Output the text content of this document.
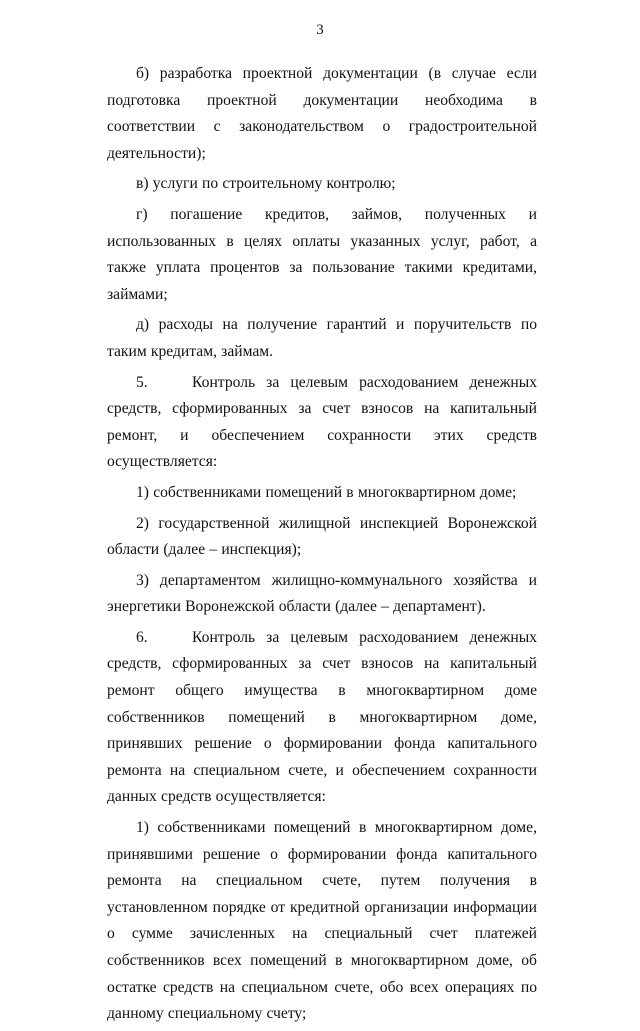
3

б) разработка проектной документации (в случае если подготовка проектной документации необходима в соответствии с законодательством о градостроительной деятельности);

в) услуги по строительному контролю;

г) погашение кредитов, займов, полученных и использованных в целях оплаты указанных услуг, работ, а также уплата процентов за пользование такими кредитами, займами;

д) расходы на получение гарантий и поручительств по таким кредитам, займам.

5.    Контроль за целевым расходованием денежных средств, сформированных за счет взносов на капитальный ремонт, и обеспечением сохранности этих средств осуществляется:

1) собственниками помещений в многоквартирном доме;

2) государственной жилищной инспекцией Воронежской области (далее – инспекция);

3) департаментом жилищно-коммунального хозяйства и энергетики Воронежской области (далее – департамент).

6.    Контроль за целевым расходованием денежных средств, сформированных за счет взносов на капитальный ремонт общего имущества в многоквартирном доме собственников помещений в многоквартирном доме, принявших решение о формировании фонда капитального ремонта на специальном счете, и обеспечением сохранности данных средств осуществляется:

1) собственниками помещений в многоквартирном доме, принявшими решение о формировании фонда капитального ремонта на специальном счете, путем получения в установленном порядке от кредитной организации информации о сумме зачисленных на специальный счет платежей собственников всех помещений в многоквартирном доме, об остатке средств на специальном счете, обо всех операциях по данному специальному счету;
